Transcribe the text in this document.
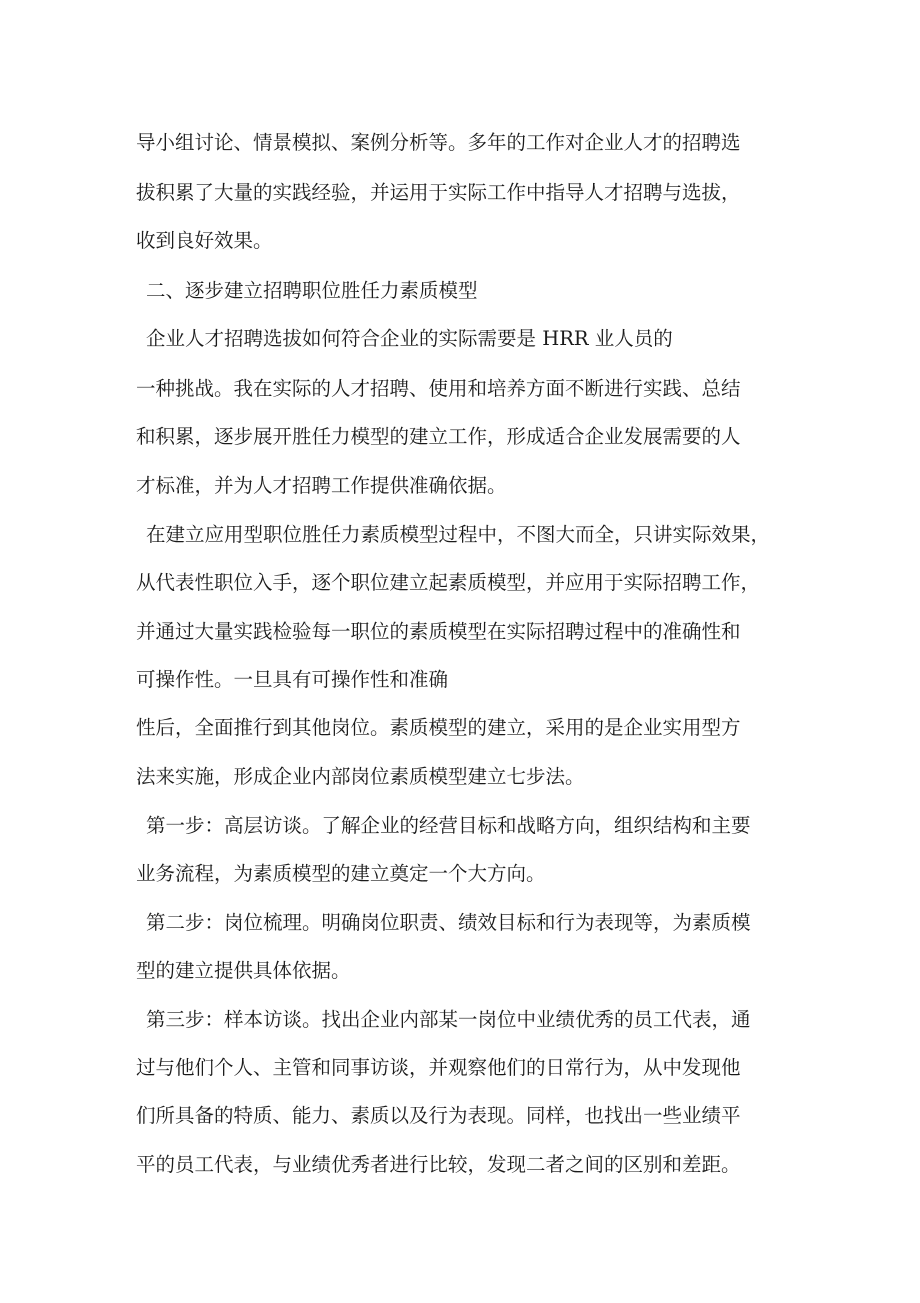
导小组讨论、情景模拟、案例分析等。多年的工作对企业人才的招聘选

拔积累了大量的实践经验，并运用于实际工作中指导人才招聘与选拔，

收到良好效果。

二、逐步建立招聘职位胜任力素质模型

企业人才招聘选拔如何符合企业的实际需要是 HRR 业人员的

一种挑战。我在实际的人才招聘、使用和培养方面不断进行实践、总结

和积累，逐步展开胜任力模型的建立工作，形成适合企业发展需要的人

才标准，并为人才招聘工作提供准确依据。

在建立应用型职位胜任力素质模型过程中，不图大而全，只讲实际效果，

从代表性职位入手，逐个职位建立起素质模型，并应用于实际招聘工作，

并通过大量实践检验每一职位的素质模型在实际招聘过程中的准确性和

可操作性。一旦具有可操作性和准确

性后，全面推行到其他岗位。素质模型的建立，采用的是企业实用型方

法来实施，形成企业内部岗位素质模型建立七步法。

第一步：高层访谈。了解企业的经营目标和战略方向，组织结构和主要

业务流程，为素质模型的建立奠定一个大方向。

第二步：岗位梳理。明确岗位职责、绩效目标和行为表现等，为素质模

型的建立提供具体依据。

第三步：样本访谈。找出企业内部某一岗位中业绩优秀的员工代表，通

过与他们个人、主管和同事访谈，并观察他们的日常行为，从中发现他

们所具备的特质、能力、素质以及行为表现。同样，也找出一些业绩平

平的员工代表，与业绩优秀者进行比较，发现二者之间的区别和差距。
